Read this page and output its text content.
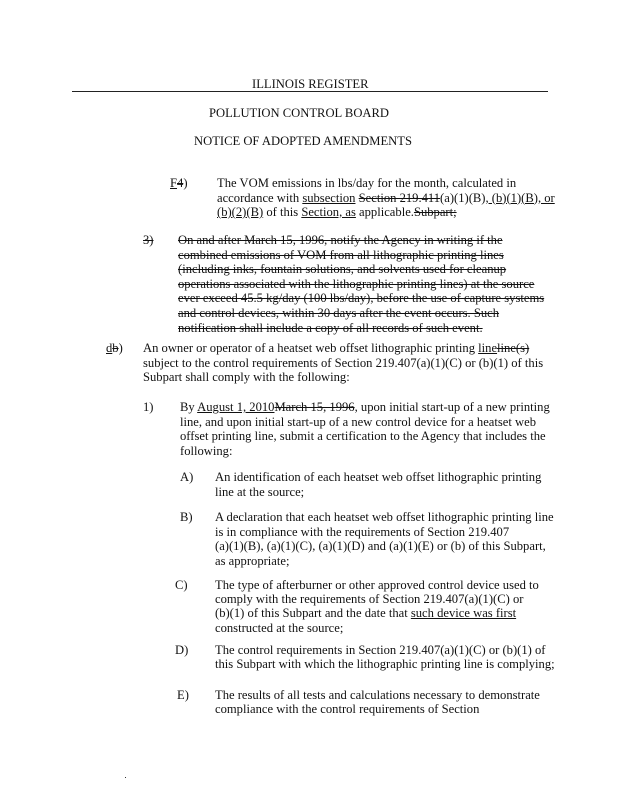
ILLINOIS REGISTER
POLLUTION CONTROL BOARD
NOTICE OF ADOPTED AMENDMENTS
F4) The VOM emissions in lbs/day for the month, calculated in
accordance with subsection Section 219.411(a)(1)(B), (b)(1)(B), or
(b)(2)(B) of this Section, as applicable.Subpart;
3) On and after March 15, 1996, notify the Agency in writing if the
combined emissions of VOM from all lithographic printing lines
(including inks, fountain solutions, and solvents used for cleanup
operations associated with the lithographic printing lines) at the source
ever exceed 45.5 kg/day (100 lbs/day), before the use of capture systems
and control devices, within 30 days after the event occurs. Such
notification shall include a copy of all records of such event.
db) An owner or operator of a heatset web offset lithographic printing lineline(s)
subject to the control requirements of Section 219.407(a)(1)(C) or (b)(1) of this
Subpart shall comply with the following:
1) By August 1, 2010March 15, 1996, upon initial start-up of a new printing
line, and upon initial start-up of a new control device for a heatset web
offset printing line, submit a certification to the Agency that includes the
following:
A) An identification of each heatset web offset lithographic printing
line at the source;
B) A declaration that each heatset web offset lithographic printing line
is in compliance with the requirements of Section 219.407
(a)(1)(B), (a)(1)(C), (a)(1)(D) and (a)(1)(E) or (b) of this Subpart,
as appropriate;
C) The type of afterburner or other approved control device used to
comply with the requirements of Section 219.407(a)(1)(C) or
(b)(1) of this Subpart and the date that such device was first
constructed at the source;
D) The control requirements in Section 219.407(a)(1)(C) or (b)(1) of
this Subpart with which the lithographic printing line is complying;
E) The results of all tests and calculations necessary to demonstrate
compliance with the control requirements of Section
